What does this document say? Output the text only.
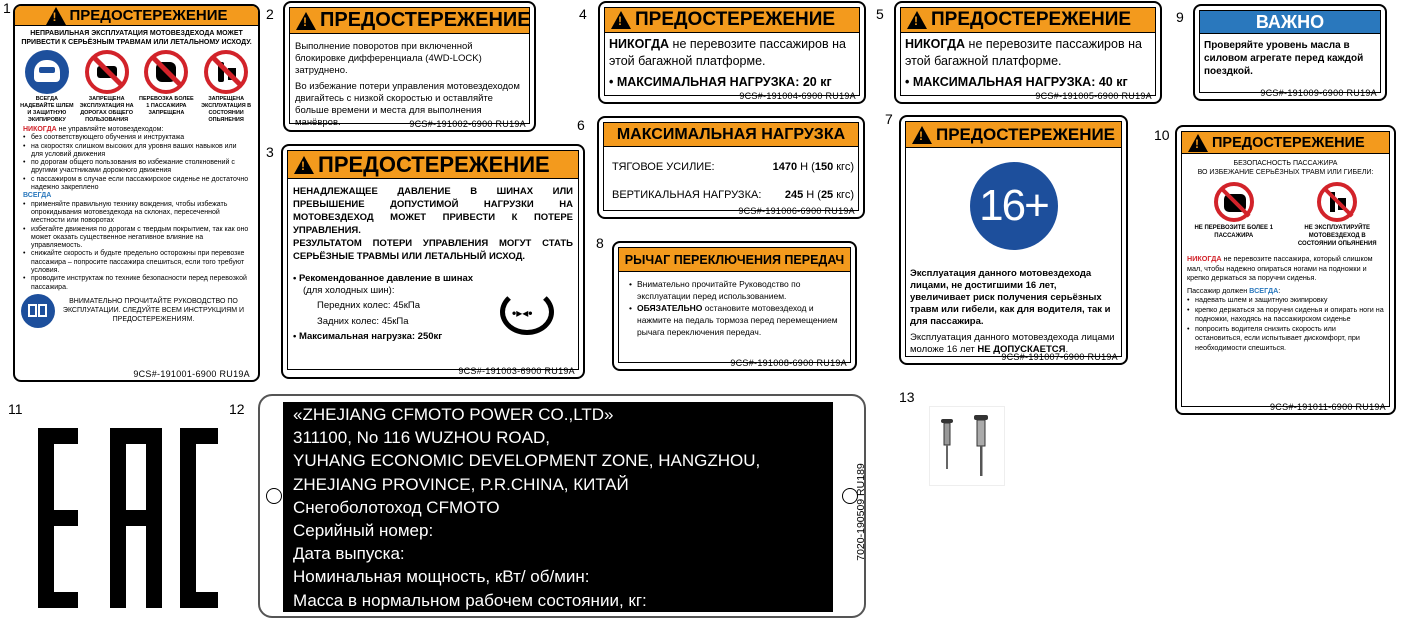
1	2
3
4	5
6	7
8
9
10
11	12
13
!
ПРЕДОСТЕРЕЖЕНИЕ
НЕПРАВИЛЬНАЯ ЭКСПЛУАТАЦИЯ МОТОВЕЗДЕХОДА МОЖЕТ ПРИВЕСТИ К СЕРЬЁЗНЫМ ТРАВМАМ ИЛИ ЛЕТАЛЬНОМУ ИСХОДУ.
ВСЕГДА НАДЕВАЙТЕ ШЛЕМ И ЗАЩИТНУЮ ЭКИПИРОВКУ
ЗАПРЕЩЕНА ЭКСПЛУАТАЦИЯ НА ДОРОГАХ ОБЩЕГО ПОЛЬЗОВАНИЯ
ПЕРЕВОЗКА БОЛЕЕ 1 ПАССАЖИРА ЗАПРЕЩЕНА
ЗАПРЕЩЕНА ЭКСПЛУАТАЦИЯ В СОСТОЯНИИ ОПЬЯНЕНИЯ
НИКОГДА не управляйте мотовездеходом:
• без соответствующего обучения и инструктажа
• на скоростях слишком высоких для уровня ваших навыков или для условий движения
• по дорогам общего пользования во избежание столкновений с другими участниками дорожного движения
• с пассажиром в случае если пассажирское сиденье не достаточно надежно закреплено
ВСЕГДА
• применяйте правильную технику вождения, чтобы избежать опрокидывания мотовездехода на склонах, пересеченной местности или поворотах
• избегайте движения по дорогам с твердым покрытием, так как оно может оказать существенное негативное влияние на управляемость.
• снижайте скорость и будьте предельно осторожны при перевозке пассажира – попросите пассажира спешиться, если того требуют условия.
• проводите инструктаж по технике безопасности перед перевозкой пассажира.
ВНИМАТЕЛЬНО ПРОЧИТАЙТЕ РУКОВОДСТВО ПО ЭКСПЛУАТАЦИИ. СЛЕДУЙТЕ ВСЕМ ИНСТРУКЦИЯМ И ПРЕДОСТЕРЕЖЕНИЯМ.
9CS#-191001-6900 RU19A
!
ПРЕДОСТЕРЕЖЕНИЕ
Выполнение поворотов при включенной блокировке дифференциала (4WD-LOCK) затруднено.
Во избежание потери управления мотовездеходом двигайтесь с низкой скоростью и оставляйте больше времени и места для выполнения манёвров.	9CS#-191002-6900 RU19A
!
ПРЕДОСТЕРЕЖЕНИЕ
НЕНАДЛЕЖАЩЕЕ ДАВЛЕНИЕ В ШИНАХ ИЛИ ПРЕВЫШЕНИЕ ДОПУСТИМОЙ НАГРУЗКИ НА МОТОВЕЗДЕХОД МОЖЕТ ПРИВЕСТИ К ПОТЕРЕ УПРАВЛЕНИЯ.
РЕЗУЛЬТАТОМ ПОТЕРИ УПРАВЛЕНИЯ МОГУТ СТАТЬ СЕРЬЁЗНЫЕ ТРАВМЫ ИЛИ ЛЕТАЛЬНЫЙ ИСХОД.
• Рекомендованное давление в шинах
(для холодных шин):
Передних колес: 45кПа
Задних колес: 45кПа
• Максимальная нагрузка: 250кг
•▸◂•
9CS#-191003-6900 RU19A
!
ПРЕДОСТЕРЕЖЕНИЕ
НИКОГДА не перевозите пассажиров на этой багажной платформе.
• МАКСИМАЛЬНАЯ НАГРУЗКА: 20 кг
9CS#-191004-6900 RU19A
!
ПРЕДОСТЕРЕЖЕНИЕ
НИКОГДА не перевозите пассажиров на этой багажной платформе.
• МАКСИМАЛЬНАЯ НАГРУЗКА: 40 кг
9CS#-191005-6900 RU19A
МАКСИМАЛЬНАЯ НАГРУЗКА
ТЯГОВОЕ УСИЛИЕ:	1470 Н (150 кгс)
ВЕРТИКАЛЬНАЯ НАГРУЗКА:	245 Н (25 кгс)
9CS#-191006-6900 RU19A
!
ПРЕДОСТЕРЕЖЕНИЕ
16+
Эксплуатация данного мотовездехода лицами, не достигшими 16 лет, увеличивает риск получения серьёзных травм или гибели, как для водителя, так и для пассажира.
Эксплуатация данного мотовездехода лицами моложе 16 лет НЕ ДОПУСКАЕТСЯ.
9CS#-191007-6900 RU19A
РЫЧАГ ПЕРЕКЛЮЧЕНИЯ ПЕРЕДАЧ
• Внимательно прочитайте Руководство по эксплуатации перед использованием.
• ОБЯЗАТЕЛЬНО остановите мотовездеход и нажмите на педаль тормоза перед перемещением рычага переключения передач.
9CS#-191008-6900 RU19A
ВАЖНО
Проверяйте уровень масла в силовом агрегате перед каждой поездкой.
9CS#-191009-6900 RU19A
!
ПРЕДОСТЕРЕЖЕНИЕ
БЕЗОПАСНОСТЬ ПАССАЖИРА
ВО ИЗБЕЖАНИЕ СЕРЬЁЗНЫХ ТРАВМ ИЛИ ГИБЕЛИ:
НЕ ПЕРЕВОЗИТЕ БОЛЕЕ 1 ПАССАЖИРА
НЕ ЭКСПЛУАТИРУЙТЕ МОТОВЕЗДЕХОД В СОСТОЯНИИ ОПЬЯНЕНИЯ
НИКОГДА не перевозите пассажира, который слишком мал, чтобы надежно опираться ногами на подножки и крепко держаться за поручни сиденья.
Пассажир должен ВСЕГДА:
• надевать шлем и защитную экипировку
• крепко держаться за поручни сиденья и опирать ноги на подножки, находясь на пассажирском сиденье
• попросить водителя снизить скорость или остановиться, если испытывает дискомфорт, при необходимости спешиться.
9CS#-191011-6900 RU19A
«ZHEJIANG CFMOTO POWER CO.,LTD»
311100, No 116 WUZHOU ROAD,
YUHANG ECONOMIC DEVELOPMENT ZONE, HANGZHOU,
ZHEJIANG PROVINCE, P.R.CHINA, КИТАЙ
Снегоболотоход CFMOTO
Серийный номер:
Дата выпуска:
Номинальная мощность, кВт/ об/мин:
Масса в нормальном рабочем состоянии, кг:
7020-190509 RU189
